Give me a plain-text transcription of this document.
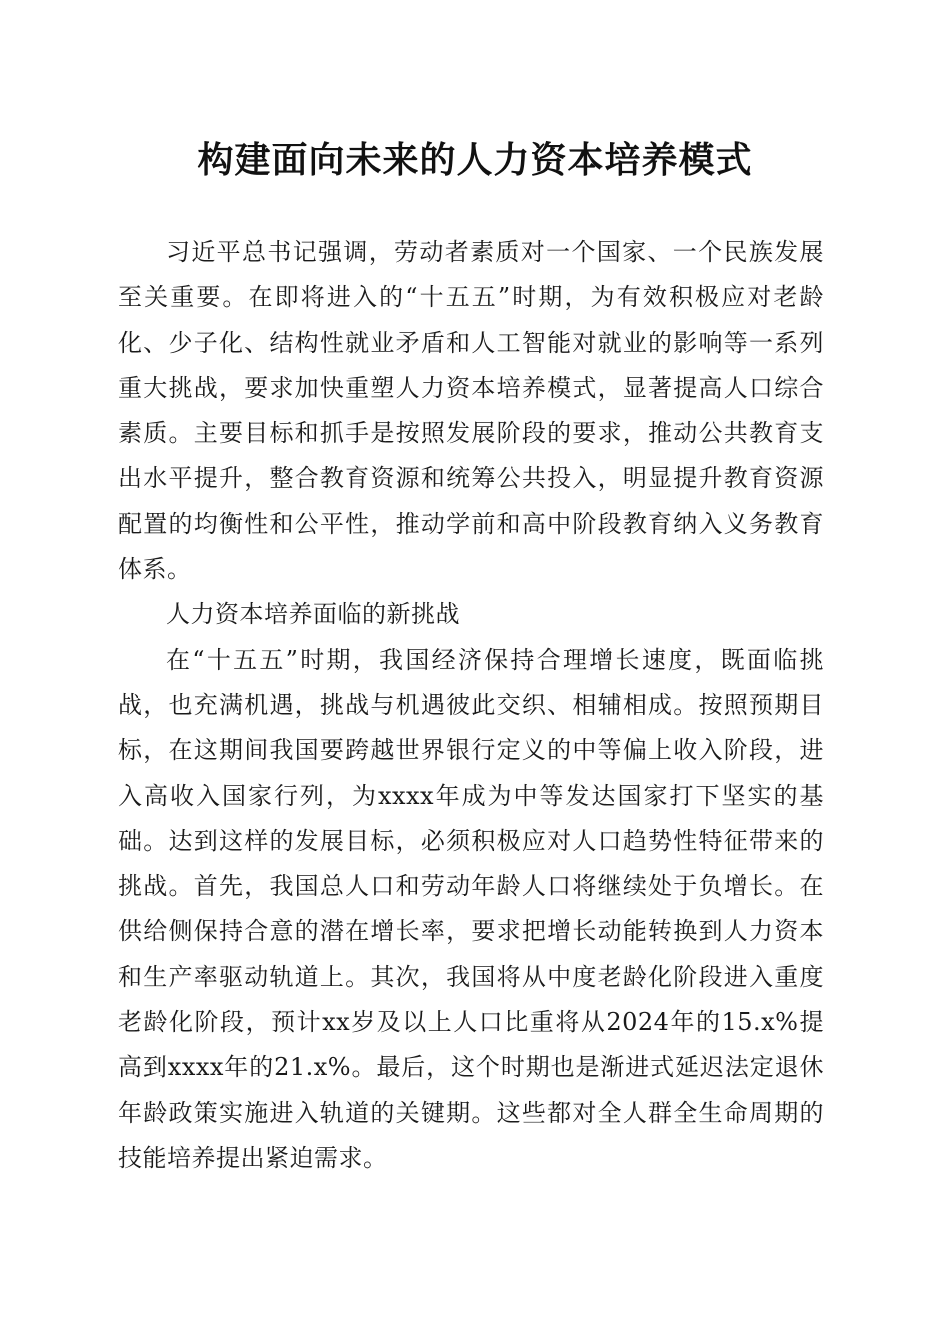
构建面向未来的人力资本培养模式

习近平总书记强调，劳动者素质对一个国家、一个民族发展至关重要。在即将进入的“十五五”时期，为有效积极应对老龄化、少子化、结构性就业矛盾和人工智能对就业的影响等一系列重大挑战，要求加快重塑人力资本培养模式，显著提高人口综合素质。主要目标和抓手是按照发展阶段的要求，推动公共教育支出水平提升，整合教育资源和统筹公共投入，明显提升教育资源配置的均衡性和公平性，推动学前和高中阶段教育纳入义务教育体系。

人力资本培养面临的新挑战

在“十五五”时期，我国经济保持合理增长速度，既面临挑战，也充满机遇，挑战与机遇彼此交织、相辅相成。按照预期目标，在这期间我国要跨越世界银行定义的中等偏上收入阶段，进入高收入国家行列，为xxxx年成为中等发达国家打下坚实的基础。达到这样的发展目标，必须积极应对人口趋势性特征带来的挑战。首先，我国总人口和劳动年龄人口将继续处于负增长。在供给侧保持合意的潜在增长率，要求把增长动能转换到人力资本和生产率驱动轨道上。其次，我国将从中度老龄化阶段进入重度老龄化阶段，预计xx岁及以上人口比重将从2024年的15.x%提高到xxxx年的21.x%。最后，这个时期也是渐进式延迟法定退休年龄政策实施进入轨道的关键期。这些都对全人群全生命周期的技能培养提出紧迫需求。
